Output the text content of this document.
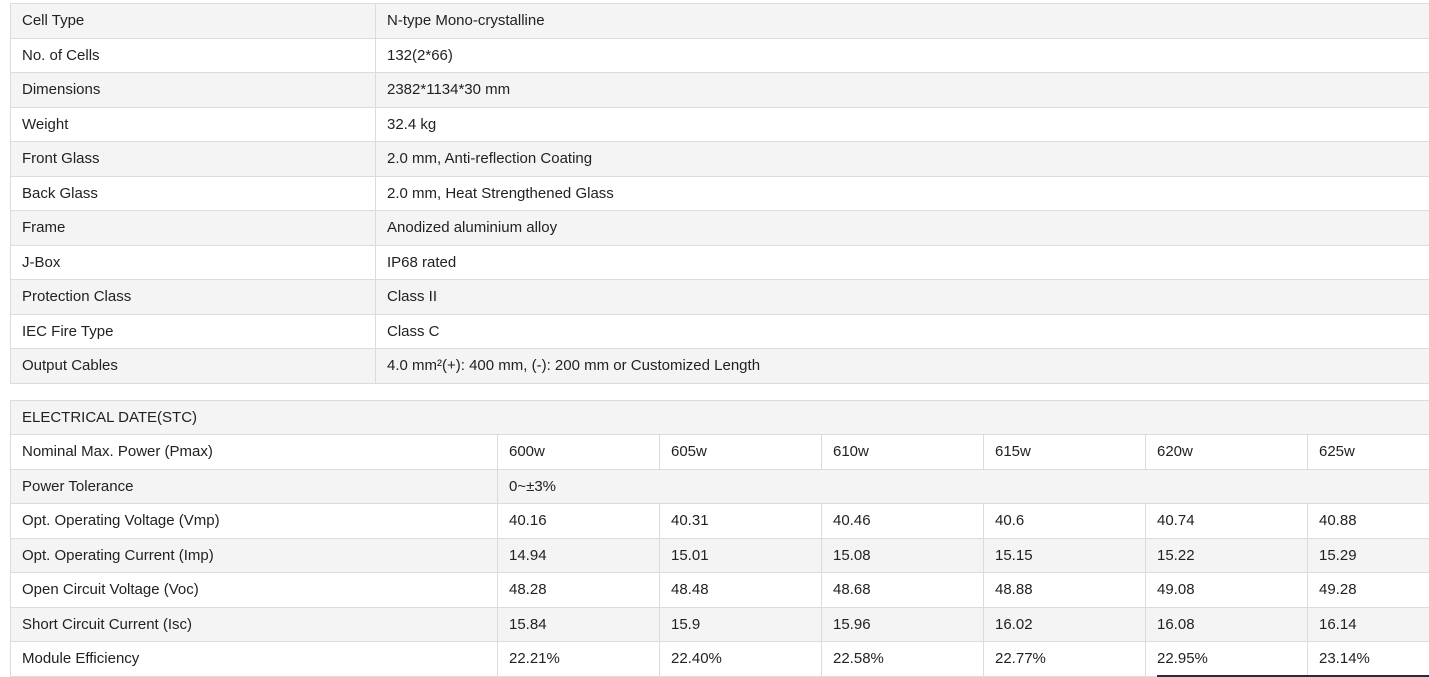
Cell Type	N-type Mono-crystalline
No. of Cells	132(2*66)
Dimensions	2382*1134*30 mm
Weight	32.4 kg
Front Glass	2.0 mm, Anti-reflection Coating
Back Glass	2.0 mm, Heat Strengthened Glass
Frame	Anodized aluminium alloy
J-Box	IP68 rated
Protection Class	Class II
IEC Fire Type	Class C
Output Cables	4.0 mm²(+): 400 mm, (-): 200 mm or Customized Length
ELECTRICAL DATE(STC)						
Nominal Max. Power (Pmax)	600w	605w	610w	615w	620w	625w
Power Tolerance	0~±3%					
Opt. Operating Voltage (Vmp)	40.16	40.31	40.46	40.6	40.74	40.88
Opt. Operating Current (Imp)	14.94	15.01	15.08	15.15	15.22	15.29
Open Circuit Voltage (Voc)	48.28	48.48	48.68	48.88	49.08	49.28
Short Circuit Current (Isc)	15.84	15.9	15.96	16.02	16.08	16.14
Module Efficiency	22.21%	22.40%	22.58%	22.77%	22.95%	23.14%
